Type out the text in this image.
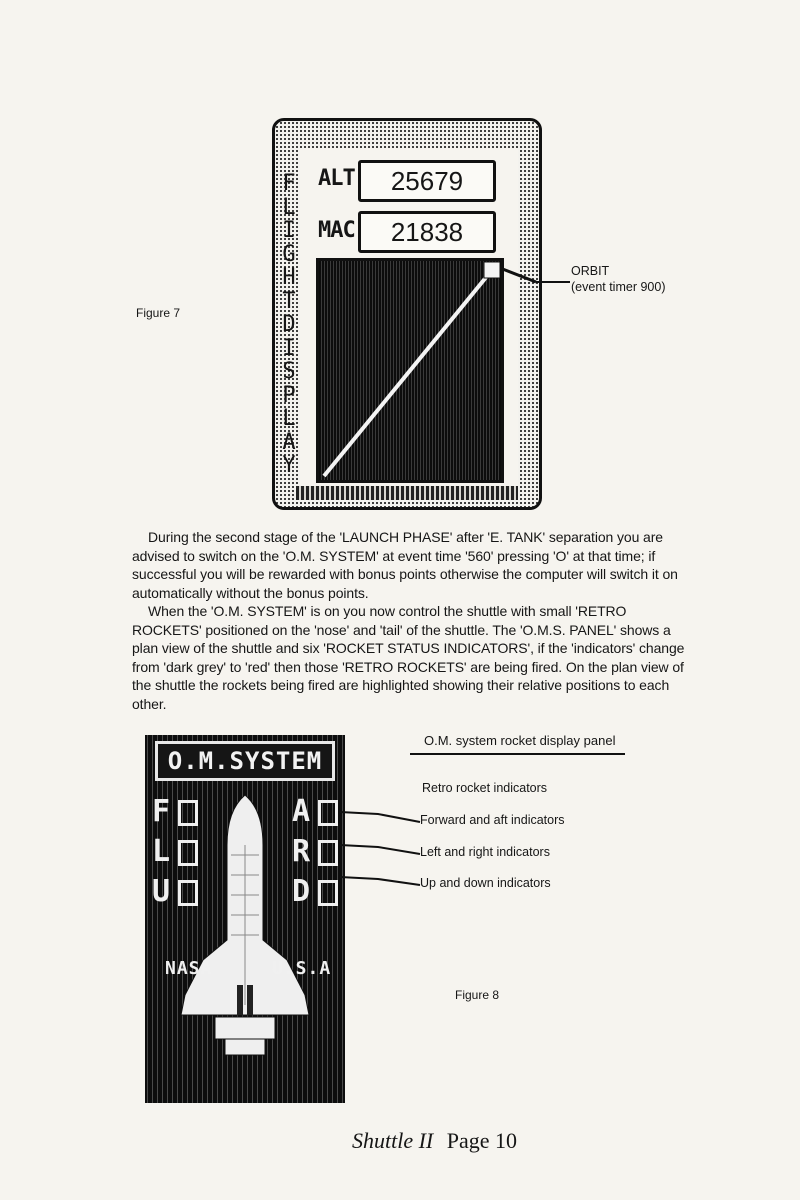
FLIGHT DISPLAY
ALT	25679
MAC	21838
ORBIT
(event timer 900)
Figure 7

During the second stage of the 'LAUNCH PHASE' after 'E. TANK' separation you are advised to switch on the 'O.M. SYSTEM' at event time '560' pressing 'O' at that time; if successful you will be rewarded with bonus points otherwise the computer will switch it on automatically without the bonus points.

When the 'O.M. SYSTEM' is on you now control the shuttle with small 'RETRO ROCKETS' positioned on the 'nose' and 'tail' of the shuttle. The 'O.M.S. PANEL' shows a plan view of the shuttle and six 'ROCKET STATUS INDICATORS', if the 'indicators' change from 'dark grey' to 'red' then those 'RETRO ROCKETS' are being fired. On the plan view of the shuttle the rockets being fired are highlighted showing their relative positions to each other.

O.M.SYSTEM
F
L
U
A
R
D
NASA	U.S.A
O.M. system rocket display panel
Retro rocket indicators
Forward and aft indicators
Left and right indicators
Up and down indicators
Figure 8
Shuttle II Page 10
